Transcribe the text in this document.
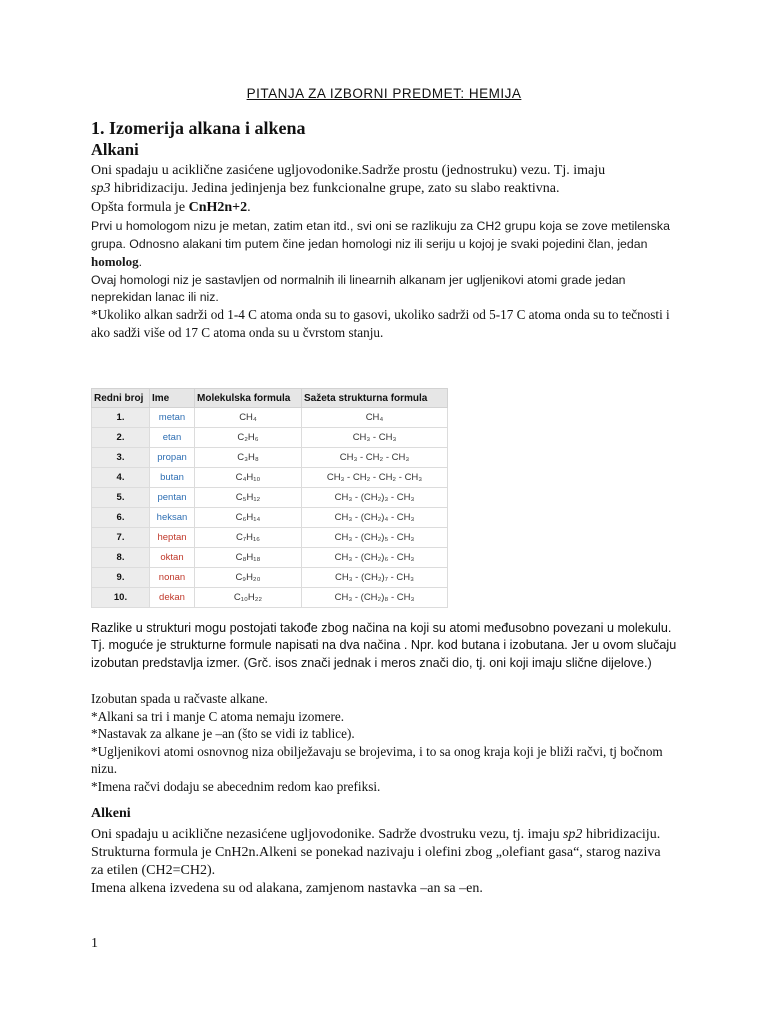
PITANJA ZA IZBORNI PREDMET: HEMIJA
1. Izomerija alkana i alkena
Alkani

Oni spadaju u aciklične zasićene ugljovodonike.Sadrže prostu (jednostruku) vezu. Tj. imaju

sp3 hibridizaciju. Jedina jedinjenja bez funkcionalne grupe, zato su slabo reaktivna.

Opšta formula je CnH2n+2.

Prvi u homologom nizu je metan, zatim etan itd., svi oni se razlikuju za CH2 grupu koja se zove metilenska grupa. Odnosno alakani tim putem čine jedan homologi niz ili seriju u kojoj je svaki pojedini član, jedan homolog.

Ovaj homologi niz je sastavljen od normalnih ili linearnih alkanam jer ugljenikovi atomi grade jedan neprekidan lanac ili niz.

*Ukoliko alkan sadrži od 1-4 C atoma onda su to gasovi, ukoliko sadrži od 5-17 C atoma onda su to tečnosti i ako sadži više od 17 C atoma onda su u čvrstom stanju.

Redni broj	Ime	Molekulska formula	Sažeta strukturna formula
1.	metan	CH₄	CH₄
2.	etan	C₂H₆	CH₃ - CH₃
3.	propan	C₃H₈	CH₃ - CH₂ - CH₃
4.	butan	C₄H₁₀	CH₃ - CH₂ - CH₂ - CH₃
5.	pentan	C₅H₁₂	CH₃ - (CH₂)₃ - CH₃
6.	heksan	C₆H₁₄	CH₃ - (CH₂)₄ - CH₃
7.	heptan	C₇H₁₆	CH₃ - (CH₂)₅ - CH₃
8.	oktan	C₈H₁₈	CH₃ - (CH₂)₆ - CH₃
9.	nonan	C₉H₂₀	CH₃ - (CH₂)₇ - CH₃
10.	dekan	C₁₀H₂₂	CH₃ - (CH₂)₈ - CH₃

Razlike u strukturi mogu postojati takođe zbog načina na koji su atomi međusobno povezani u molekulu. Tj. moguće je strukturne formule napisati na dva načina . Npr. kod butana i izobutana. Jer u ovom slučaju izobutan predstavlja izmer. (Grč. isos znači jednak i meros znači dio, tj. oni koji imaju slične dijelove.)

Izobutan spada u račvaste alkane.

*Alkani sa tri i manje C atoma nemaju izomere.

*Nastavak za alkane je –an (što se vidi iz tablice).

*Ugljenikovi atomi osnovnog niza obilježavaju se brojevima, i to sa onog kraja koji je bliži račvi, tj bočnom nizu.

*Imena račvi dodaju se abecednim redom kao prefiksi.

Alkeni

Oni spadaju u aciklične nezasićene ugljovodonike. Sadrže dvostruku vezu, tj. imaju sp2 hibridizaciju.

Strukturna formula je CnH2n.Alkeni se ponekad nazivaju i olefini zbog „olefiant gasa“, starog naziva za etilen (CH2=CH2).

Imena alkena izvedena su od alakana, zamjenom nastavka –an sa –en.

1
